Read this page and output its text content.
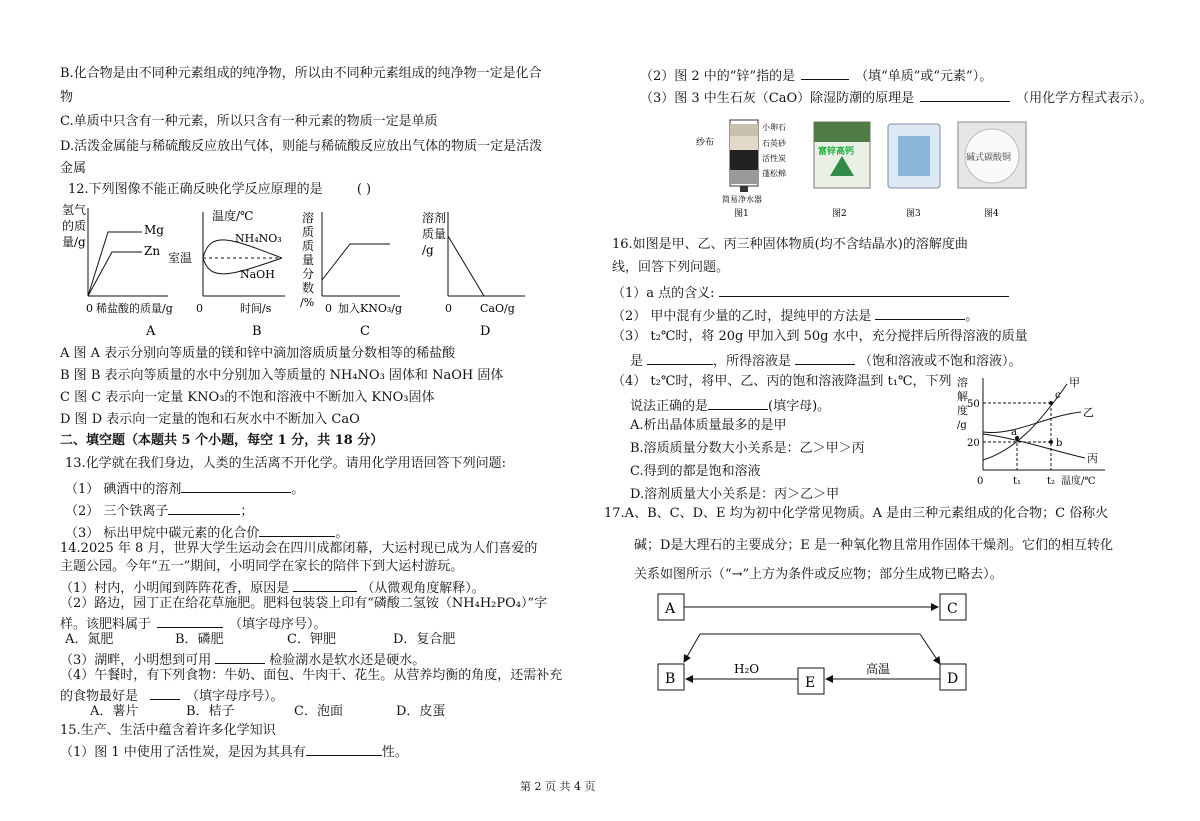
B.化合物是由不同种元素组成的纯净物，所以由不同种元素组成的纯净物一定是化合
物
C.单质中只含有一种元素，所以只含有一种元素的物质一定是单质
D.活泼金属能与稀硫酸反应放出气体，则能与稀硫酸反应放出气体的物质一定是活泼
金属
12.下列图像不能正确反映化学反应原理的是	( )
氢气
的质
量/g
Mg
Zn
0 稀盐酸的质量/g
A
温度/℃
室温
NH₄NO₃
NaOH
0	时间/s
B
溶
质
质
量
分
数
/% 0 加入KNO₃/g
C
溶剂
质量
/g
0	CaO/g
D
A 图 A 表示分别向等质量的镁和锌中滴加溶质质量分数相等的稀盐酸
B 图 B 表示向等质量的水中分别加入等质量的 NH₄NO₃ 固体和 NaOH 固体
C 图 C 表示向一定量 KNO₃的不饱和溶液中不断加入 KNO₃固体
D 图 D 表示向一定量的饱和石灰水中不断加入 CaO
二、填空题（本题共 5 个小题，每空 1 分，共 18 分）
13.化学就在我们身边，人类的生活离不开化学。请用化学用语回答下列问题:
（1） 碘酒中的溶剂	。
（2） 三个铁离子	；
（3） 标出甲烷中碳元素的化合价	。
14.2025 年 8 月，世界大学生运动会在四川成都闭幕，大运村现已成为人们喜爱的
主题公园。今年“五一”期间，小明同学在家长的陪伴下到大运村游玩。
（1）村内，小明闻到阵阵花香，原因是	（从微观角度解释）。
（2）路边，园丁正在给花草施肥。肥料包装袋上印有“磷酸二氢铵（NH₄H₂PO₄）”字
样。该肥料属于	（填字母序号）。
A．氮肥	B．磷肥	C．钾肥	D．复合肥
（3）湖畔，小明想到可用	检验湖水是软水还是硬水。
（4）午餐时，有下列食物：牛奶、面包、牛肉干、花生。从营养均衡的角度，还需补充
的食物最好是	（填字母序号）。
A．薯片	B．桔子	C．泡面	D．皮蛋
15.生产、生活中蕴含着许多化学知识
（1）图 1 中使用了活性炭，是因为其具有	性。
（2）图 2 中的“锌”指的是	（填“单质”或“元素”）。
（3）图 3 中生石灰（CaO）除湿防潮的原理是	（用化学方程式表示）。
纱布
小卵石
石英砂
活性炭
蓬松棉
简易净水器
图1
富锌高钙
图2	图3
碱式碳酸铜
图4
16.如图是甲、乙、丙三种固体物质(均不含结晶水)的溶解度曲
线，回答下列问题。
（1）a 点的含义:
（2） 甲中混有少量的乙时，提纯甲的方法是	。
（3） t₂℃时，将 20g 甲加入到 50g 水中，充分搅拌后所得溶液的质量
是	，所得溶液是	（饱和溶液或不饱和溶液）。
（4） t₂℃时，将甲、乙、丙的饱和溶液降温到 t₁℃，下列
说法正确的是	(填字母)。
A.析出晶体质量最多的是甲
B.溶质质量分数大小关系是：乙＞甲＞丙
C.得到的都是饱和溶液
D.溶剂质量大小关系是：丙＞乙＞甲
溶
解
度
/g
50
20
a
b
c
甲
乙
丙
0	t₁	t₂ 温度/℃
17.A、B、C、D、E 均为初中化学常见物质。A 是由三种元素组成的化合物；C 俗称火
碱；D是大理石的主要成分；E 是一种氧化物且常用作固体干燥剂。它们的相互转化
关系如图所示（“→”上方为条件或反应物；部分生成物已略去）。
A	C
B	D
E
H₂O	高温
第 2 页 共 4 页
